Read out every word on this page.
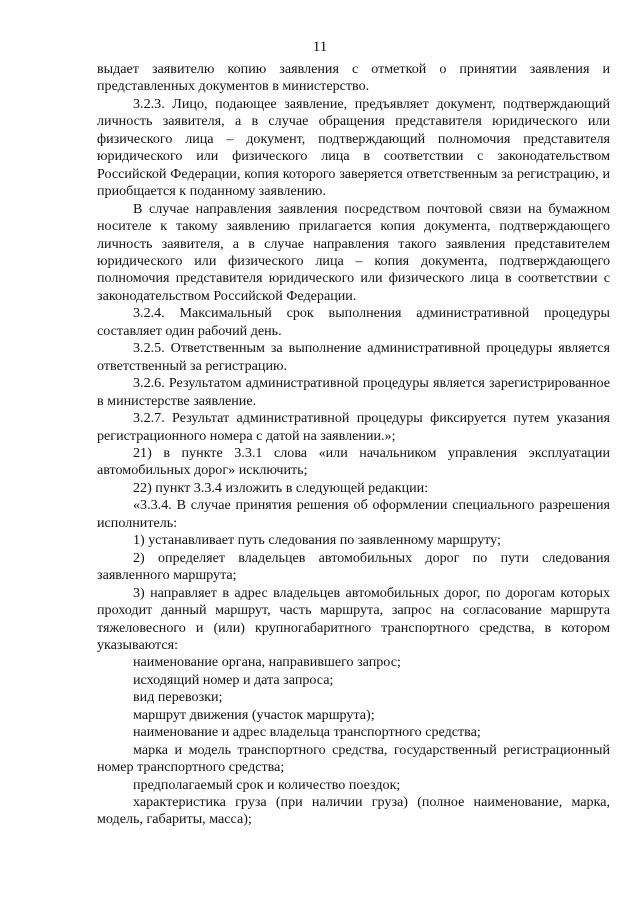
11

выдает заявителю копию заявления с отметкой о принятии заявления и представленных документов в министерство.

3.2.3. Лицо, подающее заявление, предъявляет документ, подтверждающий личность заявителя, а в случае обращения представителя юридического или физического лица – документ, подтверждающий полномочия представителя юридического или физического лица в соответствии с законодательством Российской Федерации, копия которого заверяется ответственным за регистрацию, и приобщается к поданному заявлению.

В случае направления заявления посредством почтовой связи на бумажном носителе к такому заявлению прилагается копия документа, подтверждающего личность заявителя, а в случае направления такого заявления представителем юридического или физического лица – копия документа, подтверждающего полномочия представителя юридического или физического лица в соответствии с законодательством Российской Федерации.

3.2.4. Максимальный срок выполнения административной процедуры составляет один рабочий день.

3.2.5. Ответственным за выполнение административной процедуры является ответственный за регистрацию.

3.2.6. Результатом административной процедуры является зарегистрированное в министерстве заявление.

3.2.7. Результат административной процедуры фиксируется путем указания регистрационного номера с датой на заявлении.»;

21) в пункте 3.3.1 слова «или начальником управления эксплуатации автомобильных дорог» исключить;

22) пункт 3.3.4 изложить в следующей редакции:

«3.3.4. В случае принятия решения об оформлении специального разрешения исполнитель:

1) устанавливает путь следования по заявленному маршруту;

2) определяет владельцев автомобильных дорог по пути следования заявленного маршрута;

3) направляет в адрес владельцев автомобильных дорог, по дорогам которых проходит данный маршрут, часть маршрута, запрос на согласование маршрута тяжеловесного и (или) крупногабаритного транспортного средства, в котором указываются:

наименование органа, направившего запрос;

исходящий номер и дата запроса;

вид перевозки;

маршрут движения (участок маршрута);

наименование и адрес владельца транспортного средства;

марка и модель транспортного средства, государственный регистрационный номер транспортного средства;

предполагаемый срок и количество поездок;

характеристика груза (при наличии груза) (полное наименование, марка, модель, габариты, масса);
